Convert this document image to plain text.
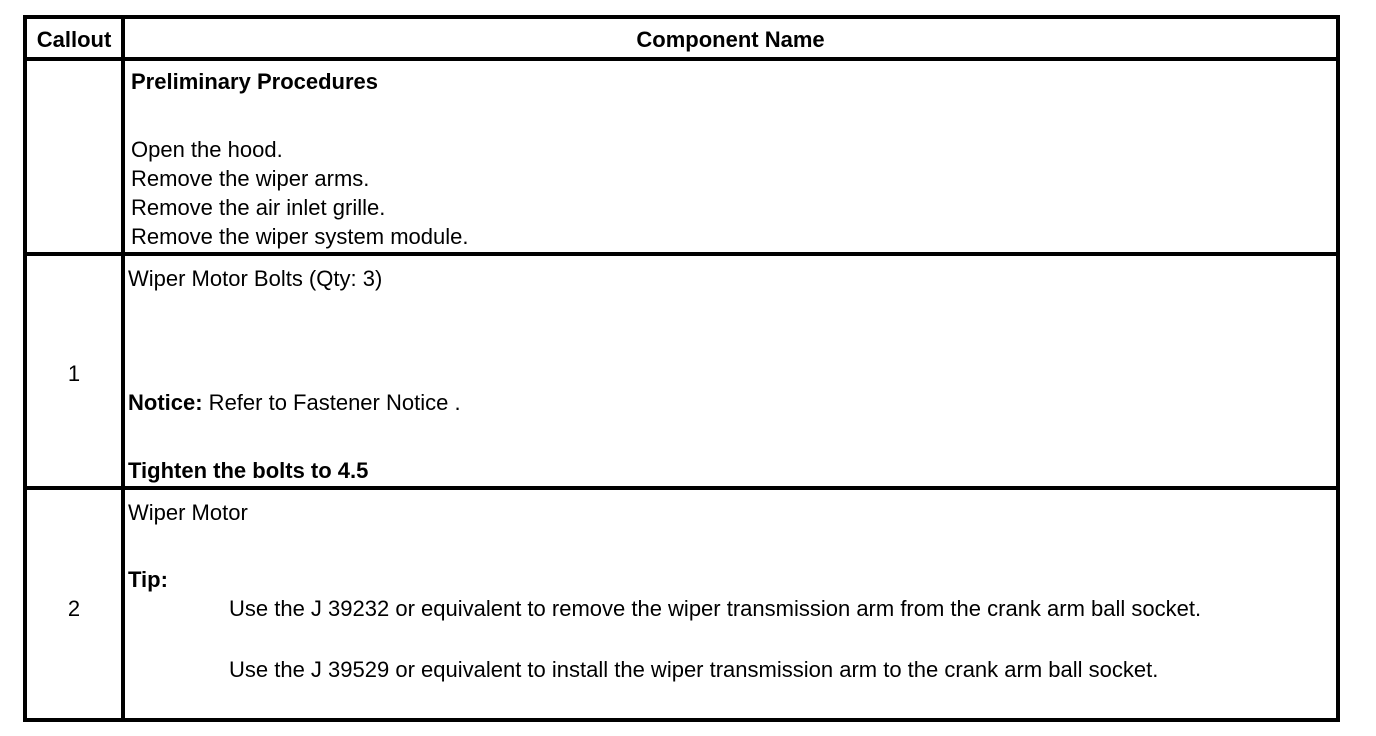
Callout	Component Name
Preliminary Procedures
Open the hood.
Remove the wiper arms.
Remove the air inlet grille.
Remove the wiper system module.
1
Wiper Motor Bolts (Qty: 3)
Notice: Refer to Fastener Notice .
Tighten the bolts to 4.5
2
Wiper Motor
Tip:
Use the J 39232 or equivalent to remove the wiper transmission arm from the crank arm ball socket.
Use the J 39529 or equivalent to install the wiper transmission arm to the crank arm ball socket.
